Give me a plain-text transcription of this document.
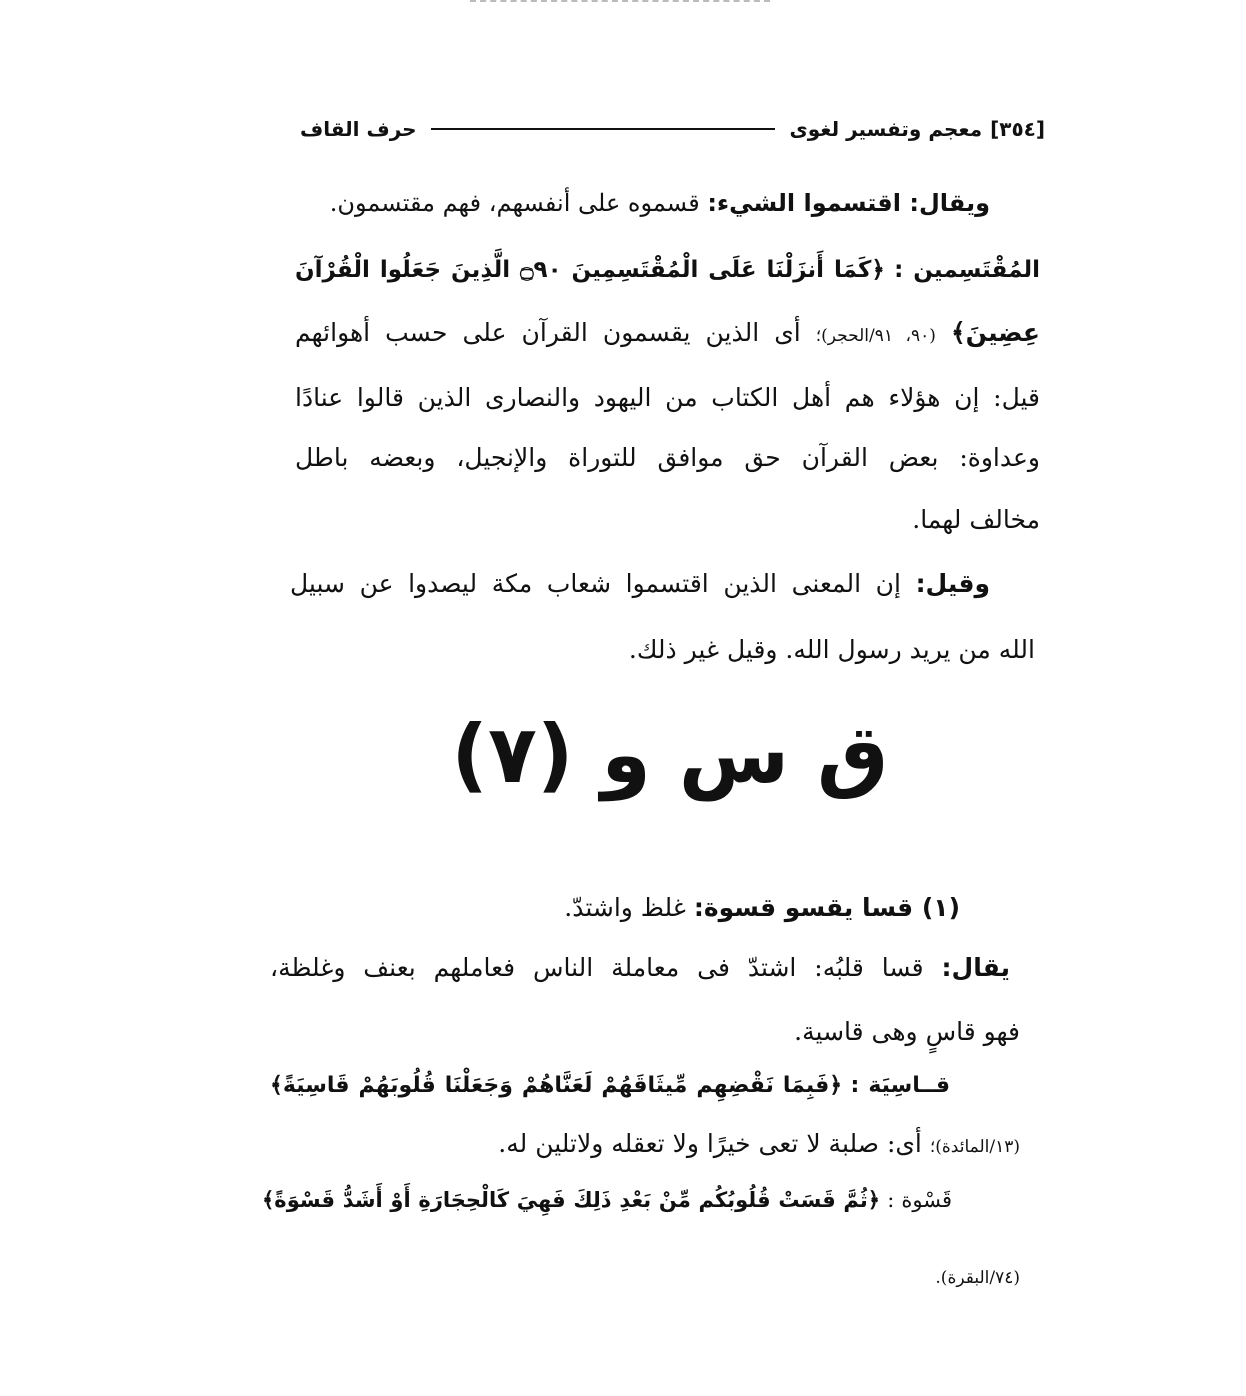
[٣٥٤]
معجم وتفسير لغوى
حرف القاف
ويقال: اقتسموا الشيء: قسموه على أنفسهم، فهم مقتسمون.
المُقْتَسِمين : ﴿كَمَا أَنزَلْنَا عَلَى الْمُقْتَسِمِينَ ۝٩٠ الَّذِينَ جَعَلُوا الْقُرْآنَ
عِضِينَ﴾ (٩٠، ٩١/الحجر)؛ أى الذين يقسمون القرآن على حسب أهوائهم
قيل: إن هؤلاء هم أهل الكتاب من اليهود والنصارى الذين قالوا عنادًا
وعداوة: بعض القرآن حق موافق للتوراة والإنجيل، وبعضه باطل
مخالف لهما.
وقيل: إن المعنى الذين اقتسموا شعاب مكة ليصدوا عن سبيل
الله من يريد رسول الله. وقيل غير ذلك.
ق س و (٧)
(١) قسا يقسو قسوة: غلظ واشتدّ.
يقال: قسا قلبُه: اشتدّ فى معاملة الناس فعاملهم بعنف وغلظة،
فهو قاسٍ وهى قاسية.
قــاسِيَة : ﴿فَبِمَا نَقْضِهِم مِّيثَاقَهُمْ لَعَنَّاهُمْ وَجَعَلْنَا قُلُوبَهُمْ قَاسِيَةً﴾
(١٣/المائدة)؛ أى: صلبة لا تعى خيرًا ولا تعقله ولاتلين له.
قَسْوة : ﴿ثُمَّ قَسَتْ قُلُوبُكُم مِّنْ بَعْدِ ذَلِكَ فَهِيَ كَالْحِجَارَةِ أَوْ أَشَدُّ قَسْوَةً﴾
(٧٤/البقرة).
